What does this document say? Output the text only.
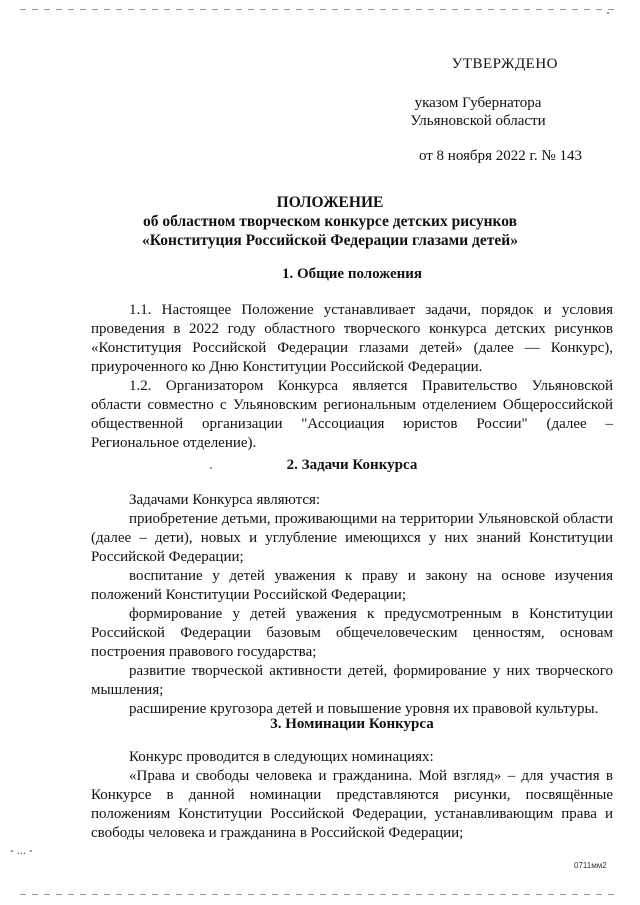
- ... -
УТВЕРЖДЕНО
указом Губернатора Ульяновской области
от 8 ноября 2022 г. № 143
ПОЛОЖЕНИЕ
об областном творческом конкурсе детских рисунков
«Конституция Российской Федерации глазами детей»
1. Общие положения

1.1. Настоящее Положение устанавливает задачи, порядок и условия проведения в 2022 году областного творческого конкурса детских рисунков «Конституция Российской Федерации глазами детей» (далее — Конкурс), приуроченного ко Дню Конституции Российской Федерации.

1.2. Организатором Конкурса является Правительство Ульяновской области совместно с Ульяновским региональным отделением Общероссийской общественной организации "Ассоциация юристов России" (далее – Региональное отделение).

2. Задачи Конкурса

Задачами Конкурса являются:

приобретение детьми, проживающими на территории Ульяновской области (далее – дети), новых и углубление имеющихся у них знаний Конституции Российской Федерации;

воспитание у детей уважения к праву и закону на основе изучения положений Конституции Российской Федерации;

формирование у детей уважения к предусмотренным в Конституции Российской Федерации базовым общечеловеческим ценностям, основам построения правового государства;

развитие творческой активности детей, формирование у них творческого мышления;

расширение кругозора детей и повышение уровня их правовой культуры.

3. Номинации Конкурса

Конкурс проводится в следующих номинациях:

«Права и свободы человека и гражданина. Мой взгляд» – для участия в Конкурсе в данной номинации представляются рисунки, посвящённые положениям Конституции Российской Федерации, устанавливающим права и свободы человека и гражданина в Российской Федерации;

0711мм2
